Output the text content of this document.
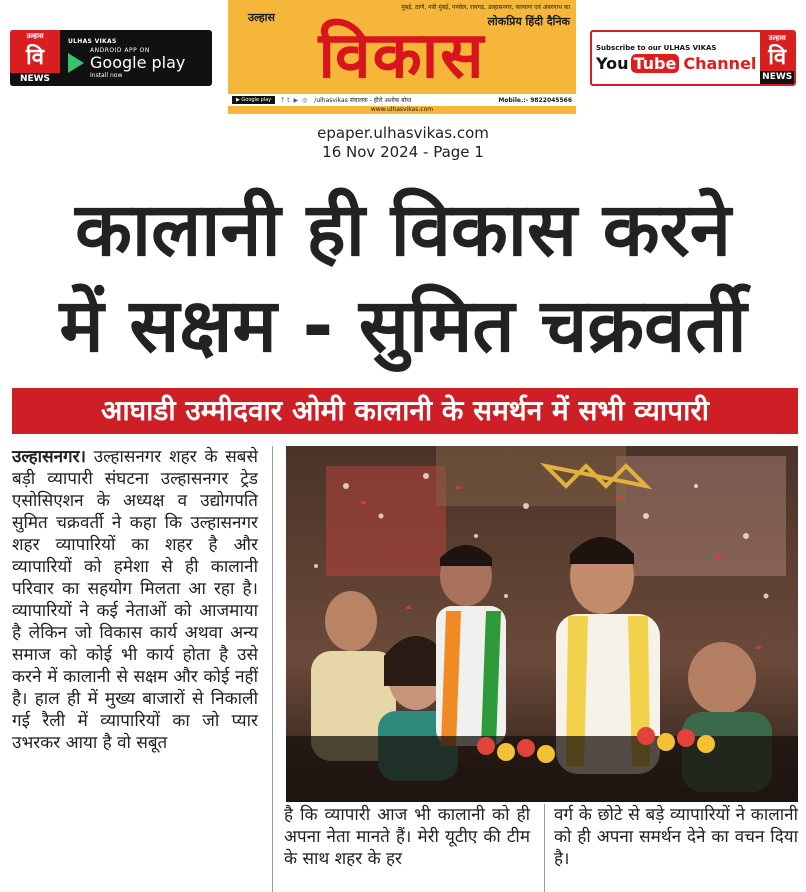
उल्हास
वि
NEWS
ULHAS VIKAS
ANDROID APP ON
Google play
Install now
मुंबई, ठाणे, नवी मुंबई, पनवेल, रायगड, उल्हासनगर, कल्याण एवं अंबरनाथ का
उल्हास	लोकप्रिय हिंदी दैनिक
विकास
▶ Google play	f t ▶ ◎ /ulhasvikas संचालक - हीरो अशोक बोधा	Mobile.:- 9822045566
www.ulhasvikas.com
Subscribe to our ULHAS VIKAS
You Tube Channel
उल्हास
वि
NEWS
epaper.ulhasvikas.com
16 Nov 2024 - Page 1
कालानी ही विकास करने
में सक्षम - सुमित चक्रवर्ती
आघाडी उम्मीदवार ओमी कालानी के समर्थन में सभी व्यापारी
उल्हासनगर। उल्हासनगर शहर के सबसे बड़ी व्यापारी संघटना उल्हासनगर ट्रेड एसोसिएशन के अध्यक्ष व उद्योगपति सुमित चक्रवर्ती ने कहा कि उल्हासनगर शहर व्यापारियों का शहर है और व्यापारियों को हमेशा से ही कालानी परिवार का सहयोग मिलता आ रहा है। व्यापारियों ने कई नेताओं को आजमाया है लेकिन जो विकास कार्य अथवा अन्य समाज को कोई भी कार्य होता है उसे करने में कालानी से सक्षम और कोई नहीं है। हाल ही में मुख्य बाजारों से निकाली गई रैली में व्यापारियों का जो प्यार उभरकर आया है वो सबूत
है कि व्यापारी आज भी कालानी को ही अपना नेता मानते हैं। मेरी यूटीए की टीम के साथ शहर के हर
वर्ग के छोटे से बड़े व्यापारियों ने कालानी को ही अपना समर्थन देने का वचन दिया है।
